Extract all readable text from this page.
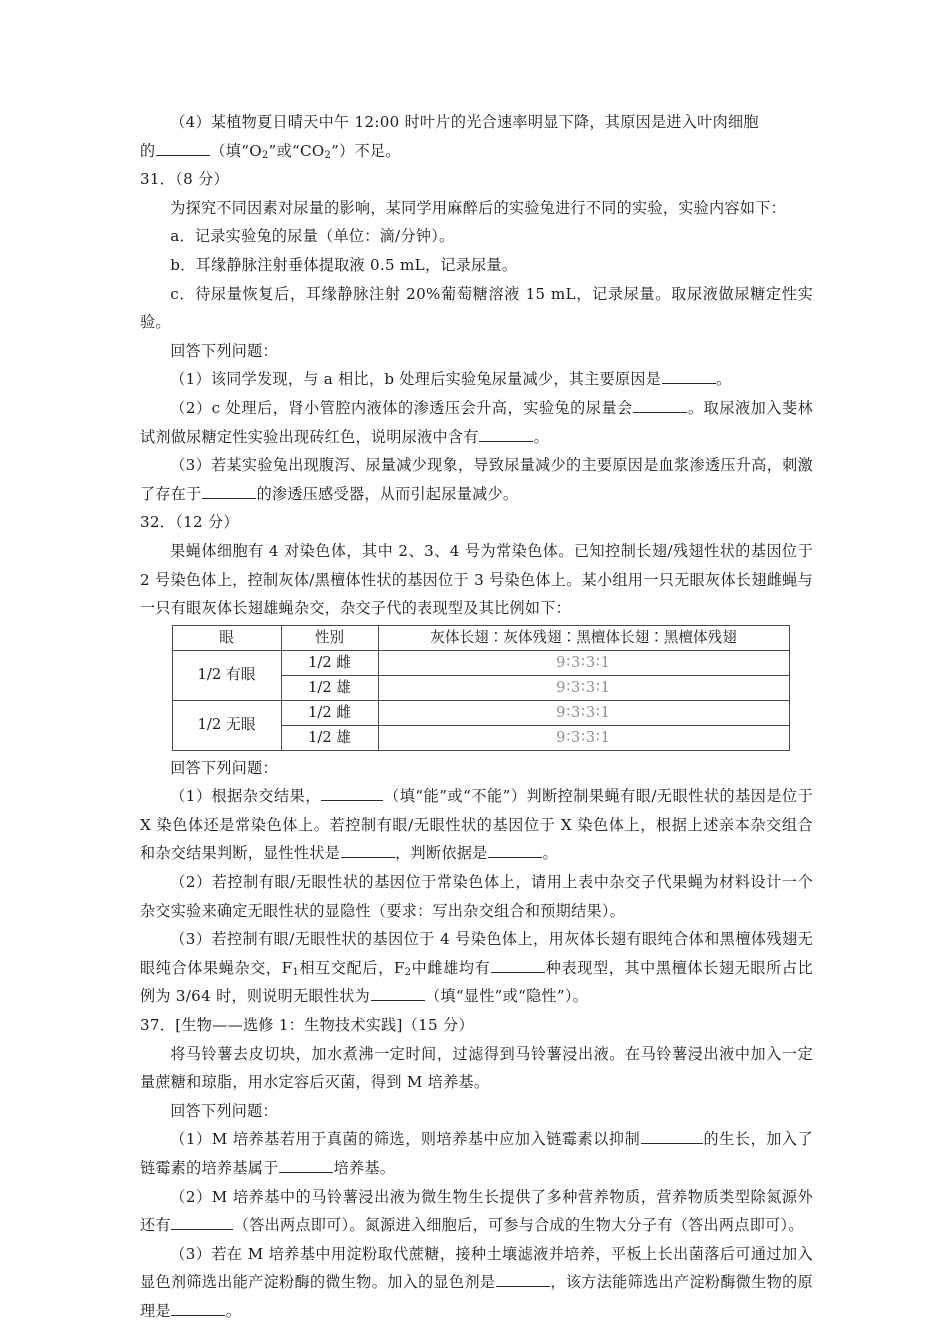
（4）某植物夏日晴天中午 12:00 时叶片的光合速率明显下降，其原因是进入叶肉细胞

的	（填“$O_2$”或“$CO_2$”）不足。

31．（8 分）

为探究不同因素对尿量的影响，某同学用麻醉后的实验兔进行不同的实验，实验内容如下：

a．记录实验兔的尿量（单位：滴/分钟）。

b．耳缘静脉注射垂体提取液 0.5 mL，记录尿量。

c．待尿量恢复后，耳缘静脉注射 20%葡萄糖溶液 15 mL，记录尿量。取尿液做尿糖定性实验。

回答下列问题：

（1）该同学发现，与 a 相比，b 处理后实验兔尿量减少，其主要原因是	。

（2）c 处理后，肾小管腔内液体的渗透压会升高，实验兔的尿量会	。取尿液加入斐林试剂做尿糖定性实验出现砖红色，说明尿液中含有	。

（3）若某实验兔出现腹泻、尿量减少现象，导致尿量减少的主要原因是血浆渗透压升高，刺激了存在于	的渗透压感受器，从而引起尿量减少。

32．（12 分）

果蝇体细胞有 4 对染色体，其中 2、3、4 号为常染色体。已知控制长翅/残翅性状的基因位于 2 号染色体上，控制灰体/黑檀体性状的基因位于 3 号染色体上。某小组用一只无眼灰体长翅雌蝇与一只有眼灰体长翅雄蝇杂交，杂交子代的表现型及其比例如下：

眼	性别	灰体长翅∶灰体残翅∶黑檀体长翅∶黑檀体残翅
1/2 有眼	1/2 雌	9∶3∶3∶1
	1/2 雄	9∶3∶3∶1
1/2 无眼	1/2 雌	9∶3∶3∶1
	1/2 雄	9∶3∶3∶1

回答下列问题：

（1）根据杂交结果，	（填“能”或“不能”）判断控制果蝇有眼/无眼性状的基因是位于 X 染色体还是常染色体上。若控制有眼/无眼性状的基因位于 X 染色体上，根据上述亲本杂交组合和杂交结果判断，显性性状是	，判断依据是	。

（2）若控制有眼/无眼性状的基因位于常染色体上，请用上表中杂交子代果蝇为材料设计一个杂交实验来确定无眼性状的显隐性（要求：写出杂交组合和预期结果）。

（3）若控制有眼/无眼性状的基因位于 4 号染色体上，用灰体长翅有眼纯合体和黑檀体残翅无眼纯合体果蝇杂交，$F_1$相互交配后，$F_2$中雌雄均有	种表现型，其中黑檀体长翅无眼所占比例为 3/64 时，则说明无眼性状为	（填“显性”或“隐性”）。

37．[生物——选修 1：生物技术实践]（15 分）

将马铃薯去皮切块，加水煮沸一定时间，过滤得到马铃薯浸出液。在马铃薯浸出液中加入一定量蔗糖和琼脂，用水定容后灭菌，得到 M 培养基。

回答下列问题：

（1）M 培养基若用于真菌的筛选，则培养基中应加入链霉素以抑制	的生长，加入了链霉素的培养基属于	培养基。

（2）M 培养基中的马铃薯浸出液为微生物生长提供了多种营养物质，营养物质类型除氮源外还有	（答出两点即可）。氮源进入细胞后，可参与合成的生物大分子有（答出两点即可）。

（3）若在 M 培养基中用淀粉取代蔗糖，接种土壤滤液并培养，平板上长出菌落后可通过加入显色剂筛选出能产淀粉酶的微生物。加入的显色剂是	，该方法能筛选出产淀粉酶微生物的原理是	。
